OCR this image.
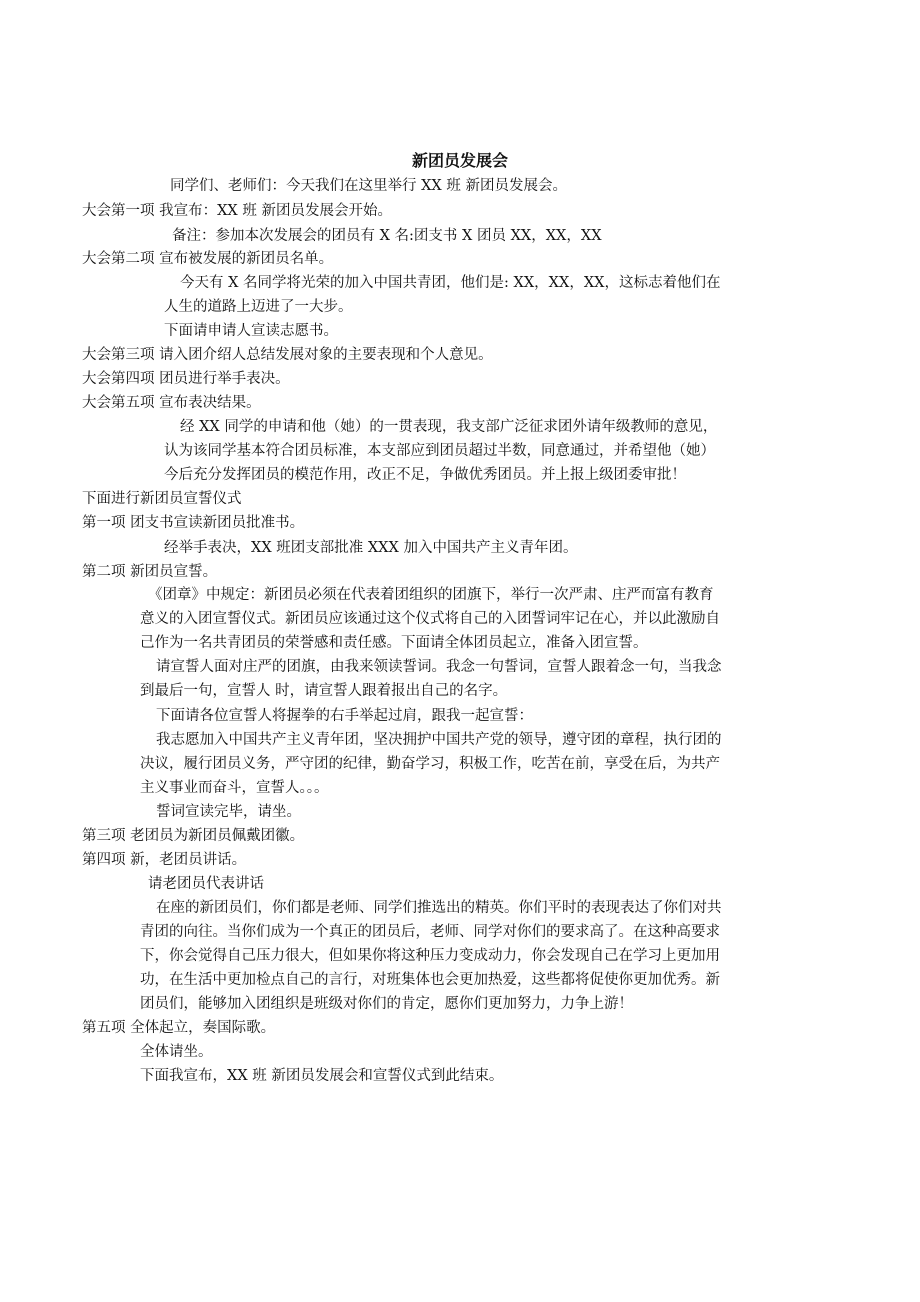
新团员发展会
同学们、老师们：今天我们在这里举行 XX 班 新团员发展会。
大会第一项 我宣布：XX 班 新团员发展会开始。
备注：参加本次发展会的团员有 X 名:团支书 X 团员 XX，XX，XX
大会第二项 宣布被发展的新团员名单。
今天有 X 名同学将光荣的加入中国共青团，他们是: XX，XX，XX，这标志着他们在
人生的道路上迈进了一大步。
下面请申请人宣读志愿书。
大会第三项 请入团介绍人总结发展对象的主要表现和个人意见。
大会第四项 团员进行举手表决。
大会第五项 宣布表决结果。
经 XX 同学的申请和他（她）的一贯表现，我支部广泛征求团外请年级教师的意见，
认为该同学基本符合团员标准，本支部应到团员超过半数，同意通过，并希望他（她）
今后充分发挥团员的模范作用，改正不足，争做优秀团员。并上报上级团委审批！
下面进行新团员宣誓仪式
第一项 团支书宣读新团员批准书。
经举手表决，XX 班团支部批准 XXX 加入中国共产主义青年团。
第二项 新团员宣誓。
《团章》中规定：新团员必须在代表着团组织的团旗下，举行一次严肃、庄严而富有教育
意义的入团宣誓仪式。新团员应该通过这个仪式将自己的入团誓词牢记在心，并以此激励自
己作为一名共青团员的荣誉感和责任感。下面请全体团员起立，准备入团宣誓。
请宣誓人面对庄严的团旗，由我来领读誓词。我念一句誓词，宣誓人跟着念一句，当我念
到最后一句，宣誓人 时，请宣誓人跟着报出自己的名字。
下面请各位宣誓人将握拳的右手举起过肩，跟我一起宣誓：
我志愿加入中国共产主义青年团，坚决拥护中国共产党的领导，遵守团的章程，执行团的
决议，履行团员义务，严守团的纪律，勤奋学习，积极工作，吃苦在前，享受在后，为共产
主义事业而奋斗，宣誓人。。。
誓词宣读完毕，请坐。
第三项 老团员为新团员佩戴团徽。
第四项 新，老团员讲话。
请老团员代表讲话
在座的新团员们，你们都是老师、同学们推选出的精英。你们平时的表现表达了你们对共
青团的向往。当你们成为一个真正的团员后，老师、同学对你们的要求高了。在这种高要求
下，你会觉得自己压力很大，但如果你将这种压力变成动力，你会发现自己在学习上更加用
功，在生活中更加检点自己的言行，对班集体也会更加热爱，这些都将促使你更加优秀。新
团员们，能够加入团组织是班级对你们的肯定，愿你们更加努力，力争上游！
第五项 全体起立，奏国际歌。
全体请坐。
下面我宣布，XX 班 新团员发展会和宣誓仪式到此结束。
